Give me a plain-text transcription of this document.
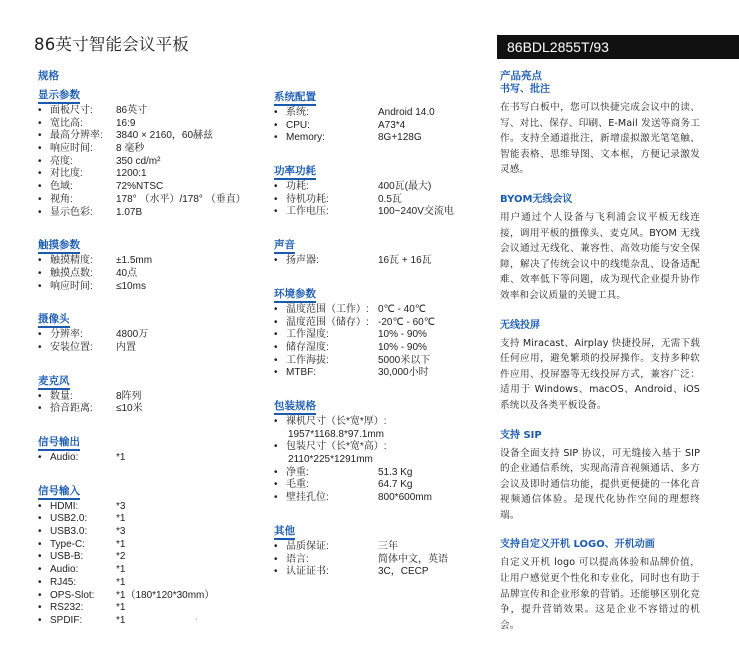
86英寸智能会议平板	86BDL2855T/93
规格
显示参数
• 面板尺寸: 86英寸
• 宽比高:	16:9
• 最高分辨率: 3840 × 2160，60赫兹
• 响应时间: 8 毫秒
• 亮度:	350 cd/m²
• 对比度:	1200:1
• 色域:	72%NTSC
• 视角:	178° （水平）/178° （垂直）
• 显示色彩: 1.07B
触摸参数
• 触摸精度: ±1.5mm
• 触摸点数: 40点
• 响应时间: ≤10ms
摄像头
• 分辨率:	4800万
• 安装位置: 内置
麦克风
• 数量:	8阵列
• 拾音距离: ≤10米
信号输出
• Audio:	*1
信号输入
• HDMI:	*3
• USB2.0:	*1
• USB3.0:	*3
• Type-C:	*1
• USB-B:	*2
• Audio:	*1
• RJ45:	*1
• OPS-Slot: *1（180*120*30mm）
• RS232:	*1
• SPDIF:	*1
系统配置
• 系统:	Android 14.0
• CPU:	A73*4
• Memory:	8G+128G
功率功耗
• 功耗:	400瓦(最大)
• 待机功耗:	0.5瓦
• 工作电压:	100~240V交流电
声音
• 扬声器:	16瓦 + 16瓦
环境参数
• 温度范围（工作）: 0℃ - 40℃
• 温度范围（储存）: -20℃ - 60℃
• 工作湿度:	10% - 90%
• 储存湿度:	10% - 90%
• 工作海拔:	5000米以下
• MTBF:	30,000小时
包装规格
• 裸机尺寸（长*宽*厚）:
1957*1168.8*97.1mm
• 包装尺寸（长*宽*高）:
2110*225*1291mm
• 净重:	51.3 Kg
• 毛重:	64.7 Kg
• 壁挂孔位:	800*600mm
其他
• 品质保证:	三年
• 语言:	简体中文，英语
• 认证证书:	3C，CECP
产品亮点
书写、批注
在书写白板中，您可以快捷完成会议中的读、写、对比、保存、印刷、E-Mail 发送等商务工作。支持全通道批注，新增虚拟激光笔笔触、智能表格、思维导图、文本框，方便记录激发灵感。
BYOM无线会议
用户通过个人设备与飞利浦会议平板无线连接，调用平板的摄像头、麦克风。BYOM 无线会议通过无线化、兼容性、高效功能与安全保障，解决了传统会议中的线缆杂乱、设备适配难、效率低下等问题，成为现代企业提升协作效率和会议质量的关键工具。
无线投屏
支持 Miracast、Airplay 快捷投屏，无需下载任何应用，避免繁琐的投屏操作。支持多种软件应用、投屏器等无线投屏方式，兼容广泛：适用于 Windows、macOS、Android、iOS 系统以及各类平板设备。
支持 SIP
设备全面支持 SIP 协议，可无缝接入基于 SIP 的企业通信系统，实现高清音视频通话、多方会议及即时通信功能，提供更便捷的一体化音视频通信体验。是现代化协作空间的理想终端。
支持自定义开机 LOGO、开机动画
自定义开机 logo 可以提高体验和品牌价值，让用户感觉更个性化和专业化，同时也有助于品牌宣传和企业形象的营销。还能够区别化竞争，提升营销效果。这是企业不容错过的机会。
·
